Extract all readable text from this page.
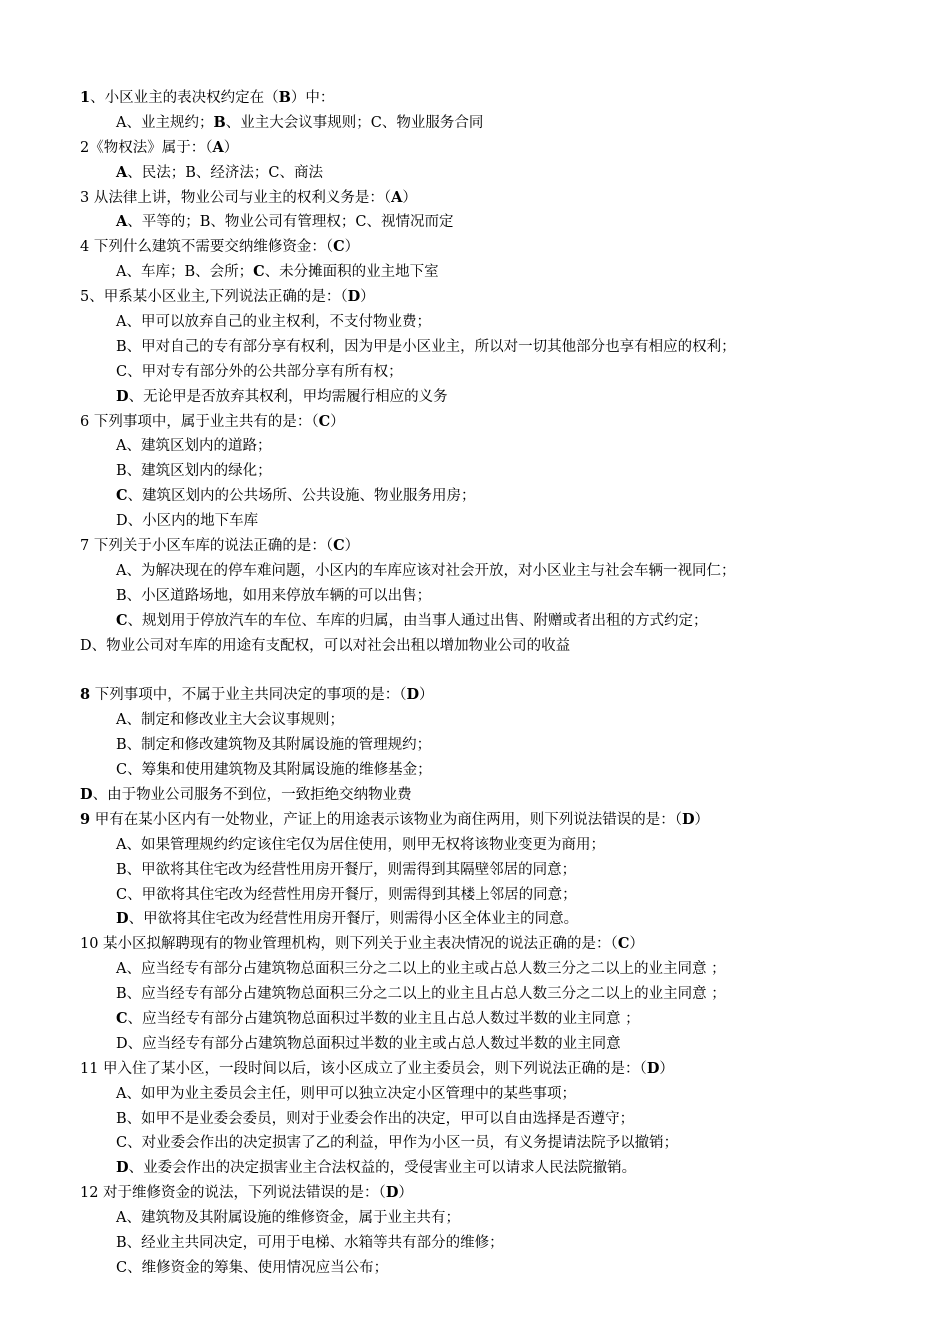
1、小区业主的表决权约定在（B）中：
A、业主规约；B、业主大会议事规则；C、物业服务合同
2《物权法》属于：（A）
A、民法；B、经济法；C、商法
3 从法律上讲，物业公司与业主的权利义务是：（A）
A、平等的；B、物业公司有管理权；C、视情况而定
4 下列什么建筑不需要交纳维修资金：（C）
A、车库；B、会所；C、未分摊面积的业主地下室
5、甲系某小区业主,下列说法正确的是：（D）
A、甲可以放弃自己的业主权利，不支付物业费；
B、甲对自己的专有部分享有权利，因为甲是小区业主，所以对一切其他部分也享有相应的权利；
C、甲对专有部分外的公共部分享有所有权；
D、无论甲是否放弃其权利，甲均需履行相应的义务
6 下列事项中，属于业主共有的是：（C）
A、建筑区划内的道路；
B、建筑区划内的绿化；
C、建筑区划内的公共场所、公共设施、物业服务用房；
D、小区内的地下车库
7 下列关于小区车库的说法正确的是：（C）
A、为解决现在的停车难问题，小区内的车库应该对社会开放，对小区业主与社会车辆一视同仁；
B、小区道路场地，如用来停放车辆的可以出售；
C、规划用于停放汽车的车位、车库的归属，由当事人通过出售、附赠或者出租的方式约定；
D、物业公司对车库的用途有支配权，可以对社会出租以增加物业公司的收益
8 下列事项中，不属于业主共同决定的事项的是：（D）
A、制定和修改业主大会议事规则；
B、制定和修改建筑物及其附属设施的管理规约；
C、筹集和使用建筑物及其附属设施的维修基金；
D、由于物业公司服务不到位，一致拒绝交纳物业费
9 甲有在某小区内有一处物业，产证上的用途表示该物业为商住两用，则下列说法错误的是：（D）
A、如果管理规约约定该住宅仅为居住使用，则甲无权将该物业变更为商用；
B、甲欲将其住宅改为经营性用房开餐厅，则需得到其隔壁邻居的同意；
C、甲欲将其住宅改为经营性用房开餐厅，则需得到其楼上邻居的同意；
D、甲欲将其住宅改为经营性用房开餐厅，则需得小区全体业主的同意。
10 某小区拟解聘现有的物业管理机构，则下列关于业主表决情况的说法正确的是：（C）
A、应当经专有部分占建筑物总面积三分之二以上的业主或占总人数三分之二以上的业主同意 ；
B、应当经专有部分占建筑物总面积三分之二以上的业主且占总人数三分之二以上的业主同意 ；
C、应当经专有部分占建筑物总面积过半数的业主且占总人数过半数的业主同意 ；
D、应当经专有部分占建筑物总面积过半数的业主或占总人数过半数的业主同意
11 甲入住了某小区，一段时间以后，该小区成立了业主委员会，则下列说法正确的是：（D）
A、如甲为业主委员会主任，则甲可以独立决定小区管理中的某些事项；
B、如甲不是业委会委员，则对于业委会作出的决定，甲可以自由选择是否遵守；
C、对业委会作出的决定损害了乙的利益，甲作为小区一员，有义务提请法院予以撤销；
D、业委会作出的决定损害业主合法权益的，受侵害业主可以请求人民法院撤销。
12 对于维修资金的说法，下列说法错误的是：（D）
A、建筑物及其附属设施的维修资金，属于业主共有；
B、经业主共同决定，可用于电梯、水箱等共有部分的维修；
C、维修资金的筹集、使用情况应当公布；
